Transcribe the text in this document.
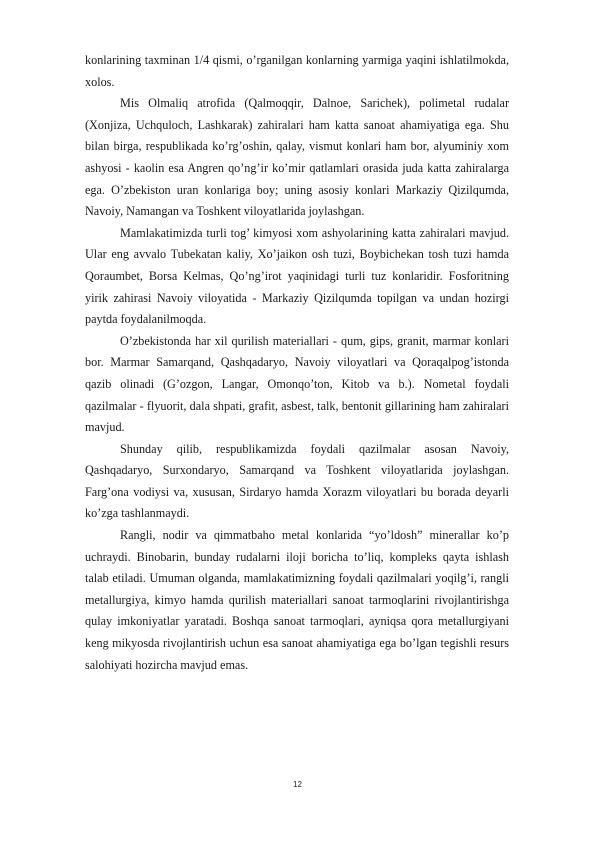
konlarining taxminan 1/4 qismi, o’rganilgan konlarning yarmiga yaqini ishlatilmokda, xolos.

Mis Olmaliq atrofida (Qalmoqqir, Dalnoe, Sarichek), polimetal rudalar (Xonjiza, Uchquloch, Lashkarak) zahiralari ham katta sanoat ahamiyatiga ega. Shu bilan birga, respublikada ko’rg’oshin, qalay, vismut konlari ham bor, alyuminiy xom ashyosi - kaolin esa Angren qo’ng’ir ko’mir qatlamlari orasida juda katta zahiralarga ega. O’zbekiston uran konlariga boy; uning asosiy konlari Markaziy Qizilqumda, Navoiy, Namangan va Toshkent viloyatlarida joylashgan.

Mamlakatimizda turli tog’ kimyosi xom ashyolarining katta zahiralari mavjud. Ular eng avvalo Tubekatan kaliy, Xo’jaikon osh tuzi, Boybichekan tosh tuzi hamda Qoraumbet, Borsa Kelmas, Qo’ng’irot yaqinidagi turli tuz konlaridir. Fosforitning yirik zahirasi Navoiy viloyatida - Markaziy Qizilqumda topilgan va undan hozirgi paytda foydalanilmoqda.

O’zbekistonda har xil qurilish materiallari - qum, gips, granit, marmar konlari bor. Marmar Samarqand, Qashqadaryo, Navoiy viloyatlari va Qoraqalpog’istonda qazib olinadi (G’ozgon, Langar, Omonqo’ton, Kitob va b.). Nometal foydali qazilmalar - flyuorit, dala shpati, grafit, asbest, talk, bentonit gillarining ham zahiralari mavjud.

Shunday qilib, respublikamizda foydali qazilmalar asosan Navoiy, Qashqadaryo, Surxondaryo, Samarqand va Toshkent viloyatlarida joylashgan. Farg’ona vodiysi va, xususan, Sirdaryo hamda Xorazm viloyatlari bu borada deyarli ko’zga tashlanmaydi.

Rangli, nodir va qimmatbaho metal konlarida “yo’ldosh” minerallar ko’p uchraydi. Binobarin, bunday rudalarni iloji boricha to’liq, kompleks qayta ishlash talab etiladi. Umuman olganda, mamlakatimizning foydali qazilmalari yoqilg’i, rangli metallurgiya, kimyo hamda qurilish materiallari sanoat tarmoqlarini rivojlantirishga qulay imkoniyatlar yaratadi. Boshqa sanoat tarmoqlari, ayniqsa qora metallurgiyani keng mikyosda rivojlantirish uchun esa sanoat ahamiyatiga ega bo’lgan tegishli resurs salohiyati hozircha mavjud emas.

12
